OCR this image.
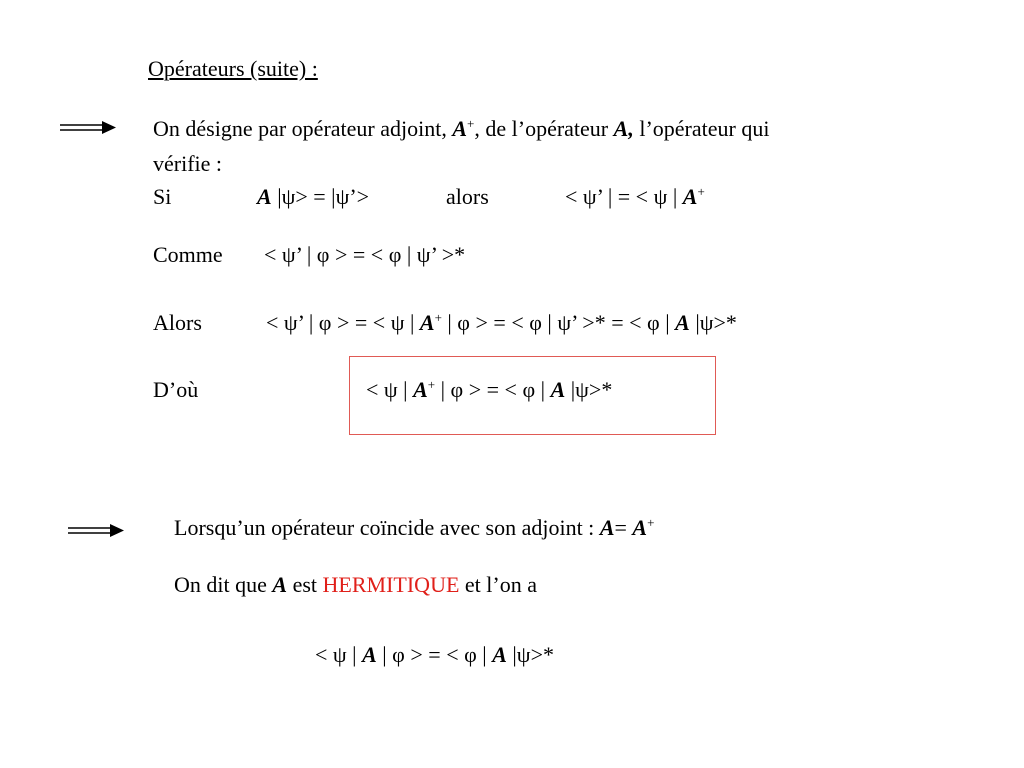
Opérateurs (suite) :
On désigne par opérateur adjoint, A+, de l’opérateur A, l’opérateur qui
vérifie :
Si	A |ψ> = |ψ’>	alors	< ψ’ | = < ψ | A+
Comme < ψ’ | φ > = < φ | ψ’ >*
Alors	< ψ’ | φ > = < ψ | A+ | φ > = < φ | ψ’ >* = < φ | A |ψ>*
D’où	< ψ | A+ | φ > = < φ | A |ψ>*
Lorsqu’un opérateur coïncide avec son adjoint : A= A+
On dit que A est HERMITIQUE et l’on a
< ψ | A | φ > = < φ | A |ψ>*
